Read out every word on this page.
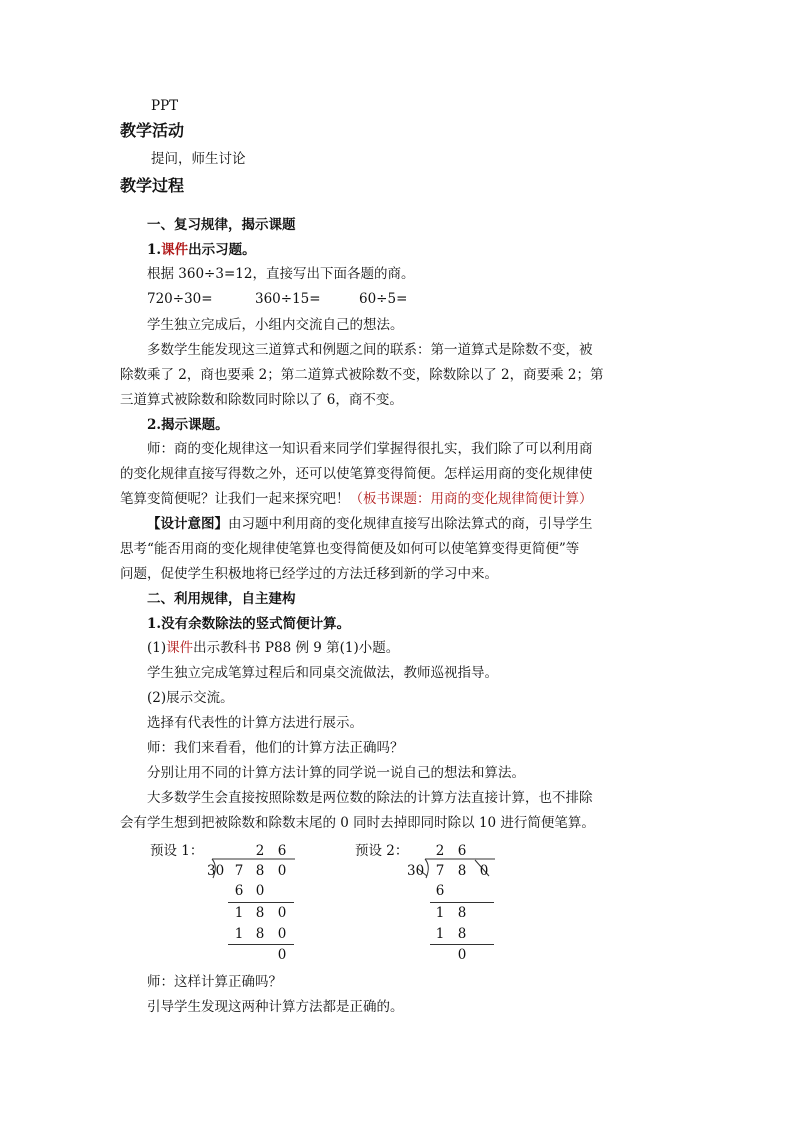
PPT
教学活动
提问，师生讨论
教学过程
一、复习规律，揭示课题
1.课件出示习题。
根据 360÷3=12，直接写出下面各题的商。
720÷30=	360÷15=	60÷5=
学生独立完成后，小组内交流自己的想法。
多数学生能发现这三道算式和例题之间的联系：第一道算式是除数不变，被
除数乘了 2，商也要乘 2；第二道算式被除数不变，除数除以了 2，商要乘 2；第
三道算式被除数和除数同时除以了 6，商不变。
2.揭示课题。
师：商的变化规律这一知识看来同学们掌握得很扎实，我们除了可以利用商
的变化规律直接写得数之外，还可以使笔算变得简便。怎样运用商的变化规律使
笔算变简便呢？让我们一起来探究吧！（板书课题：用商的变化规律简便计算）
【设计意图】由习题中利用商的变化规律直接写出除法算式的商，引导学生
思考“能否用商的变化规律使笔算也变得简便及如何可以使笔算变得更简便”等
问题，促使学生积极地将已经学过的方法迁移到新的学习中来。
二、利用规律，自主建构
1.没有余数除法的竖式简便计算。
(1)课件出示教科书 P88 例 9 第(1)小题。
学生独立完成笔算过程后和同桌交流做法，教师巡视指导。
(2)展示交流。
选择有代表性的计算方法进行展示。
师：我们来看看，他们的计算方法正确吗？
分别让用不同的计算方法计算的同学说一说自己的想法和算法。
大多数学生会直接按照除数是两位数的除法的计算方法直接计算，也不排除
会有学生想到把被除数和除数末尾的 0 同时去掉即同时除以 10 进行简便笔算。
预设 1：	2 6
30 7 8 0
6 0
1 8 0
1 8 0
0
预设 2： 2 6
30 7 8 0
6
1 8
1 8
0
师：这样计算正确吗？
引导学生发现这两种计算方法都是正确的。
